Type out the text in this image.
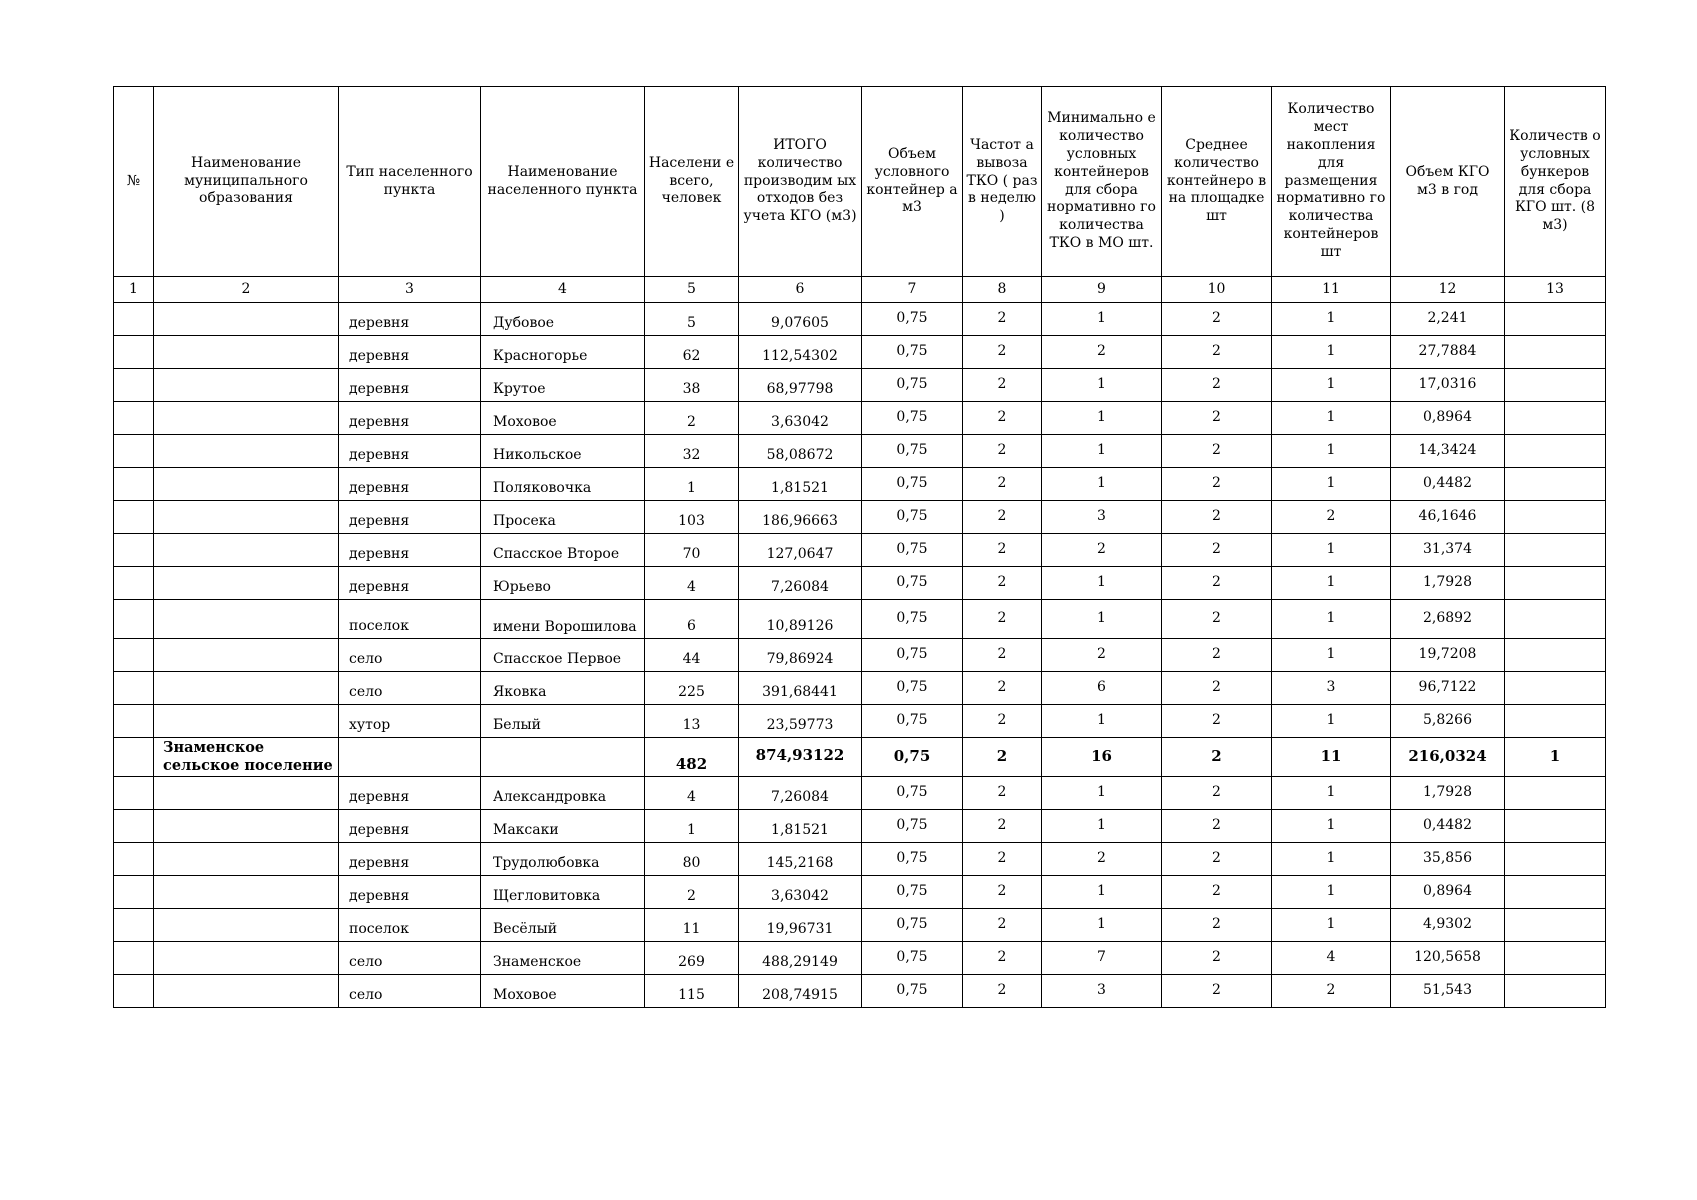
№	Наименование муниципального образования	Тип населенного пункта	Наименование населенного пункта	Населени е всего, человек	ИТОГО количество производим ых отходов без учета КГО (м3)	Объем условного контейнер а м3	Частот а вывоза ТКО ( раз в неделю )	Минимальнo е количество условных контейнеров для сбора нормативно го количества ТКО в МО шт.	Среднее количество контейнеро в на площадке шт	Количество мест накопления для размещения нормативно го количества контейнеров шт	Объем КГО м3 в год	Количеств о условных бункеров для сбора КГО шт. (8 м3)
1	2	3	4	5	6	7	8	9	10	11	12	13
		деревня	Дубовое	5	9,07605	0,75	2	1	2	1	2,241	
		деревня	Красногорье	62	112,54302	0,75	2	2	2	1	27,7884	
		деревня	Крутое	38	68,97798	0,75	2	1	2	1	17,0316	
		деревня	Моховое	2	3,63042	0,75	2	1	2	1	0,8964	
		деревня	Никольское	32	58,08672	0,75	2	1	2	1	14,3424	
		деревня	Поляковочка	1	1,81521	0,75	2	1	2	1	0,4482	
		деревня	Просека	103	186,96663	0,75	2	3	2	2	46,1646	
		деревня	Спасское Второе	70	127,0647	0,75	2	2	2	1	31,374	
		деревня	Юрьево	4	7,26084	0,75	2	1	2	1	1,7928	
		поселок	имени Ворошилова	6	10,89126	0,75	2	1	2	1	2,6892	
		село	Спасское Первое	44	79,86924	0,75	2	2	2	1	19,7208	
		село	Яковка	225	391,68441	0,75	2	6	2	3	96,7122	
		хутор	Белый	13	23,59773	0,75	2	1	2	1	5,8266	
	Знаменское сельское поселение			482	874,93122	0,75	2	16	2	11	216,0324	1
		деревня	Александровка	4	7,26084	0,75	2	1	2	1	1,7928	
		деревня	Максаки	1	1,81521	0,75	2	1	2	1	0,4482	
		деревня	Трудолюбовка	80	145,2168	0,75	2	2	2	1	35,856	
		деревня	Щегловитовка	2	3,63042	0,75	2	1	2	1	0,8964	
		поселок	Весёлый	11	19,96731	0,75	2	1	2	1	4,9302	
		село	Знаменское	269	488,29149	0,75	2	7	2	4	120,5658	
		село	Моховое	115	208,74915	0,75	2	3	2	2	51,543	
